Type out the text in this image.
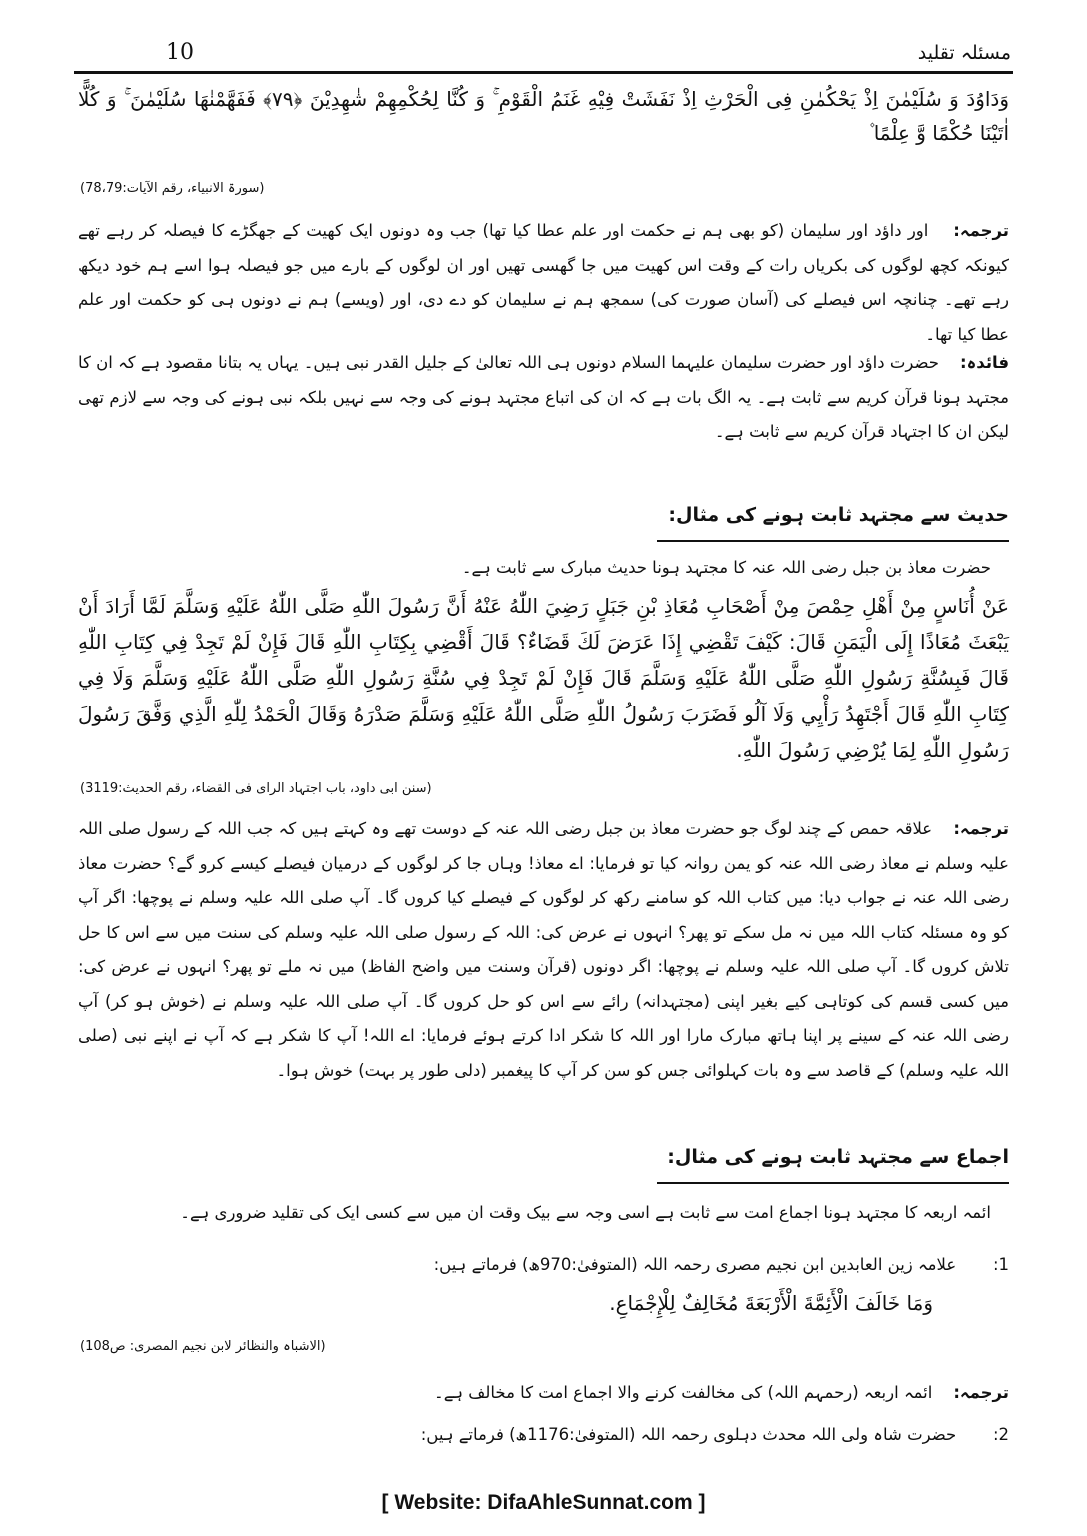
10	مسئلہ تقلید

وَدَاوُدَ وَ سُلَيْمٰنَ اِذْ يَحْكُمٰنِ فِى الْحَرْثِ اِذْ نَفَشَتْ فِيْهِ غَنَمُ الْقَوْمِ ۚ وَ كُنَّا لِحُكْمِهِمْ شٰهِدِيْنَ ﴿٧٩﴾ فَفَهَّمْنٰهَا سُلَيْمٰنَ ۚ وَ كُلًّا اٰتَيْنَا حُكْمًا وَّ عِلْمًا ۫

(سورۃ الانبیاء، رقم الآیات:78،79)

ترجمہ:    اور داؤد اور سلیمان (کو بھی ہم نے حکمت اور علم عطا کیا تھا) جب وہ دونوں ایک کھیت کے جھگڑے کا فیصلہ کر رہے تھے کیونکہ کچھ لوگوں کی بکریاں رات کے وقت اس کھیت میں جا گھسی تھیں اور ان لوگوں کے بارے میں جو فیصلہ ہوا اسے ہم خود دیکھ رہے تھے۔ چنانچہ اس فیصلے کی (آسان صورت کی) سمجھ ہم نے سلیمان کو دے دی، اور (ویسے) ہم نے دونوں ہی کو حکمت اور علم عطا کیا تھا۔
فائدہ:    حضرت داؤد اور حضرت سلیمان علیہما السلام دونوں ہی اللہ تعالیٰ کے جلیل القدر نبی ہیں۔ یہاں یہ بتانا مقصود ہے کہ ان کا مجتہد ہونا قرآن کریم سے ثابت ہے۔ یہ الگ بات ہے کہ ان کی اتباع مجتہد ہونے کی وجہ سے نہیں بلکہ نبی ہونے کی وجہ سے لازم تھی لیکن ان کا اجتہاد قرآن کریم سے ثابت ہے۔

حدیث سے مجتہد ثابت ہونے کی مثال:

حضرت معاذ بن جبل رضی اللہ عنہ کا مجتہد ہونا حدیث مبارک سے ثابت ہے۔

عَنْ أُنَاسٍ مِنْ أَهْلِ حِمْصَ مِنْ أَصْحَابِ مُعَاذِ بْنِ جَبَلٍ رَضِيَ اللّٰهُ عَنْهُ أَنَّ رَسُولَ اللّٰهِ صَلَّى اللّٰهُ عَلَيْهِ وَسَلَّمَ لَمَّا أَرَادَ أَنْ يَبْعَثَ مُعَاذًا إِلَى الْيَمَنِ قَالَ: كَيْفَ تَقْضِي إِذَا عَرَضَ لَكَ قَضَاءٌ؟ قَالَ أَقْضِي بِكِتَابِ اللّٰهِ قَالَ فَإِنْ لَمْ تَجِدْ فِي كِتَابِ اللّٰهِ قَالَ فَبِسُنَّةِ رَسُولِ اللّٰهِ صَلَّى اللّٰهُ عَلَيْهِ وَسَلَّمَ قَالَ فَإِنْ لَمْ تَجِدْ فِي سُنَّةِ رَسُولِ اللّٰهِ صَلَّى اللّٰهُ عَلَيْهِ وَسَلَّمَ وَلَا فِي كِتَابِ اللّٰهِ قَالَ أَجْتَهِدُ رَأْيِي وَلَا آلُو فَضَرَبَ رَسُولُ اللّٰهِ صَلَّى اللّٰهُ عَلَيْهِ وَسَلَّمَ صَدْرَهُ وَقَالَ الْحَمْدُ لِلّٰهِ الَّذِي وَفَّقَ رَسُولَ رَسُولِ اللّٰهِ لِمَا يُرْضِي رَسُولَ اللّٰهِ.

(سنن ابی داود، باب اجتہاد الرای فی القضاء، رقم الحدیث:3119)

ترجمہ:    علاقہ حمص کے چند لوگ جو حضرت معاذ بن جبل رضی اللہ عنہ کے دوست تھے وہ کہتے ہیں کہ جب اللہ کے رسول صلی اللہ علیہ وسلم نے معاذ رضی اللہ عنہ کو یمن روانہ کیا تو فرمایا: اے معاذ! وہاں جا کر لوگوں کے درمیان فیصلے کیسے کرو گے؟ حضرت معاذ رضی اللہ عنہ نے جواب دیا: میں کتاب اللہ کو سامنے رکھ کر لوگوں کے فیصلے کیا کروں گا۔ آپ صلی اللہ علیہ وسلم نے پوچھا: اگر آپ کو وہ مسئلہ کتاب اللہ میں نہ مل سکے تو پھر؟ انہوں نے عرض کی: اللہ کے رسول صلی اللہ علیہ وسلم کی سنت میں سے اس کا حل تلاش کروں گا۔ آپ صلی اللہ علیہ وسلم نے پوچھا: اگر دونوں (قرآن وسنت میں واضح الفاظ) میں نہ ملے تو پھر؟ انہوں نے عرض کی: میں کسی قسم کی کوتاہی کیے بغیر اپنی (مجتہدانہ) رائے سے اس کو حل کروں گا۔ آپ صلی اللہ علیہ وسلم نے (خوش ہو کر) آپ رضی اللہ عنہ کے سینے پر اپنا ہاتھ مبارک مارا اور اللہ کا شکر ادا کرتے ہوئے فرمایا: اے اللہ! آپ کا شکر ہے کہ آپ نے اپنے نبی (صلی اللہ علیہ وسلم) کے قاصد سے وہ بات کہلوائی جس کو سن کر آپ کا پیغمبر (دلی طور پر بہت) خوش ہوا۔

اجماع سے مجتہد ثابت ہونے کی مثال:

ائمہ اربعہ کا مجتہد ہونا اجماع امت سے ثابت ہے اسی وجہ سے بیک وقت ان میں سے کسی ایک کی تقلید ضروری ہے۔

1:       علامہ زین العابدین ابن نجیم مصری رحمہ اللہ (المتوفیٰ:970ھ) فرماتے ہیں:

وَمَا خَالَفَ الْأَئِمَّةَ الْأَرْبَعَةَ مُخَالِفٌ لِلْإِجْمَاعِ.

(الاشباہ والنظائر لابن نجیم المصری: ص108)

ترجمہ:    ائمہ اربعہ (رحمہم اللہ) کی مخالفت کرنے والا اجماع امت کا مخالف ہے۔
2:       حضرت شاہ ولی اللہ محدث دہلوی رحمہ اللہ (المتوفیٰ:1176ھ) فرماتے ہیں:
[ Website: DifaAhleSunnat.com ]
